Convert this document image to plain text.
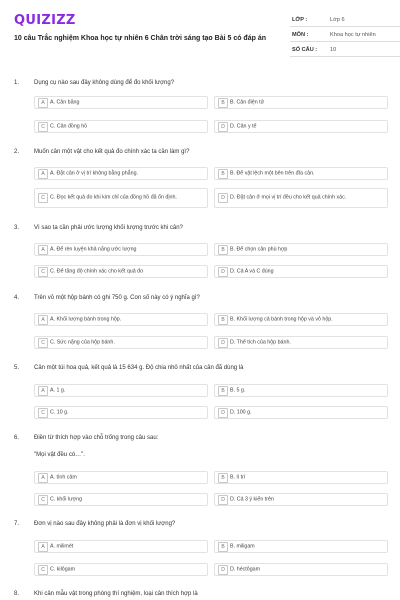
QUIZIZZ
10 câu Trắc nghiệm Khoa học tự nhiên 6 Chân trời sáng tạo Bài 5 có đáp án
LỚP :	Lớp 6
MÔN :	Khoa học tự nhiên
SỐ CÂU : 10
1. Dụng cụ nào sau đây không dùng để đo khối lượng?
A	A. Cân băng	B	B. Cân điện tử
C C. Cân đồng hồ	D D. Cân y tế
2. Muốn cân một vật cho kết quả đo chính xác ta cần làm gì?
A	A. Đặt cân ở vị trí không bằng phẳng.	B	B. Để vật lệch một bên trên đĩa cân.
C C. Đọc kết quả đo khi kim chỉ của đồng hồ đã ổn định.	D D. Đặt cân ở mọi vị trí đều cho kết quả chính xác.
3. Vì sao ta cần phải ước lượng khối lượng trước khi cân?
A	A. Để rèn luyện khả năng ước lượng	B	B. Để chọn cân phù hợp
C C. Để tăng độ chính xác cho kết quả đo	D D. Cả A và C đúng
4. Trên vỏ một hộp bánh có ghi 750 g. Con số này có ý nghĩa gì?
A	A. Khối lượng bánh trong hộp.	B	B. Khối lượng cả bánh trong hộp và vỏ hộp.
C C. Sức nặng của hộp bánh.	D D. Thể tích của hộp bánh.
5. Cân một túi hoa quả, kết quả là 15 634 g. Độ chia nhỏ nhất của cân đã dùng là
A	A. 1 g.	B	B. 5 g.
C C. 10 g.	D D. 100 g.
6. Điền từ thích hợp vào chỗ trống trong câu sau:
"Mọi vật đều có…".
A	A. tình cảm	B	B. lí trí
C C. khối lượng	D D. Cả 3 ý kiến trên
7. Đơn vị nào sau đây không phải là đơn vị khối lượng?
A	A. milimét	B	B. miligam
C C. kilôgam	D D. héctôgam
8. Khi cân mẫu vật trong phòng thí nghiệm, loại cân thích hợp là
